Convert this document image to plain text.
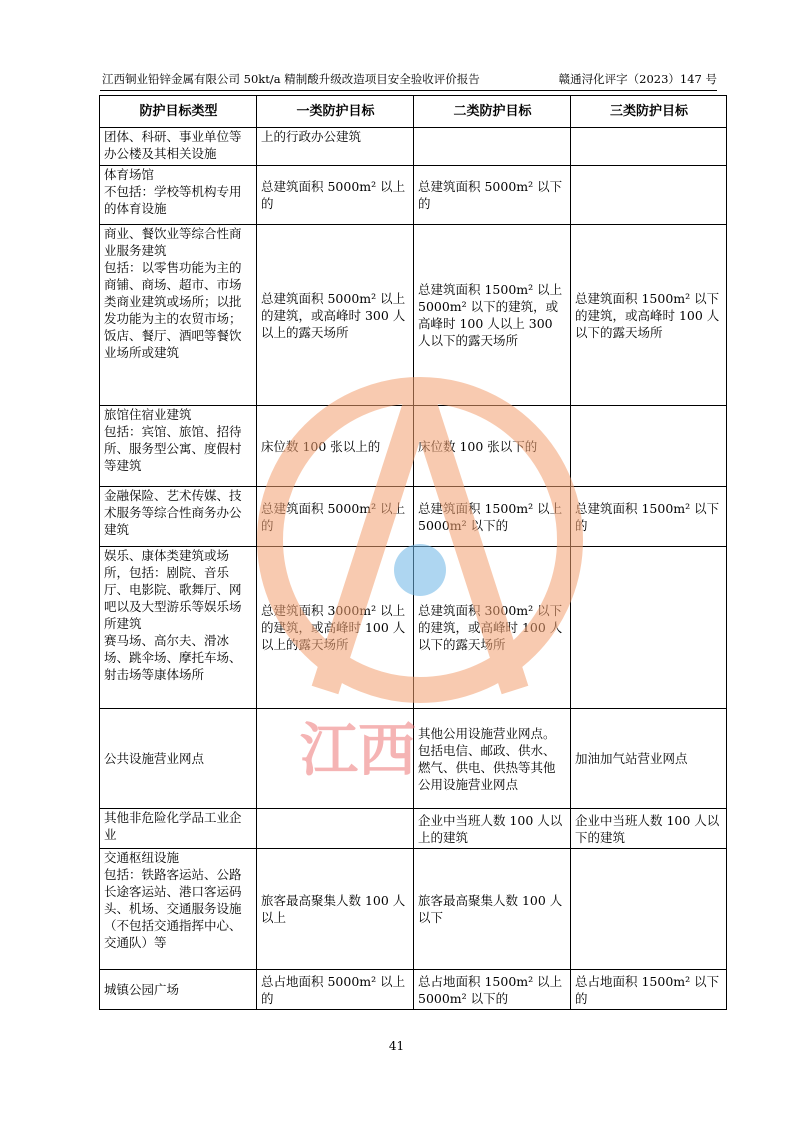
江西铜业铅锌金属有限公司 50kt/a 精制酸升级改造项目安全验收评价报告	赣通浔化评字（2023）147 号
防护目标类型	一类防护目标	二类防护目标	三类防护目标

团体、科研、事业单位等办公楼及其相关设施	上的行政办公建筑		

体育场馆
不包括：学校等机构专用的体育设施	总建筑面积 5000m² 以上的	总建筑面积 5000m² 以下的	

商业、餐饮业等综合性商业服务建筑
包括：以零售功能为主的商铺、商场、超市、市场类商业建筑或场所；以批发功能为主的农贸市场；饭店、餐厅、酒吧等餐饮业场所或建筑	总建筑面积 5000m² 以上的建筑，或高峰时 300 人以上的露天场所	总建筑面积 1500m² 以上 5000m² 以下的建筑，或高峰时 100 人以上 300 人以下的露天场所	总建筑面积 1500m² 以下的建筑，或高峰时 100 人以下的露天场所

旅馆住宿业建筑
包括：宾馆、旅馆、招待所、服务型公寓、度假村等建筑	床位数 100 张以上的	床位数 100 张以下的	

金融保险、艺术传媒、技术服务等综合性商务办公建筑	总建筑面积 5000m² 以上的	总建筑面积 1500m² 以上 5000m² 以下的	总建筑面积 1500m² 以下的

娱乐、康体类建筑或场所，包括：剧院、音乐厅、电影院、歌舞厅、网吧以及大型游乐等娱乐场所建筑
赛马场、高尔夫、滑冰场、跳伞场、摩托车场、射击场等康体场所	总建筑面积 3000m² 以上的建筑，或高峰时 100 人以上的露天场所	总建筑面积 3000m² 以下的建筑，或高峰时 100 人以下的露天场所	

公共设施营业网点		其他公用设施营业网点。包括电信、邮政、供水、燃气、供电、供热等其他公用设施营业网点	加油加气站营业网点

其他非危险化学品工业企业		企业中当班人数 100 人以上的建筑	企业中当班人数 100 人以下的建筑

交通枢纽设施
包括：铁路客运站、公路长途客运站、港口客运码头、机场、交通服务设施（不包括交通指挥中心、交通队）等	旅客最高聚集人数 100 人以上	旅客最高聚集人数 100 人以下	

城镇公园广场	总占地面积 5000m² 以上的	总占地面积 1500m² 以上 5000m² 以下的	总占地面积 1500m² 以下的
江西
41
